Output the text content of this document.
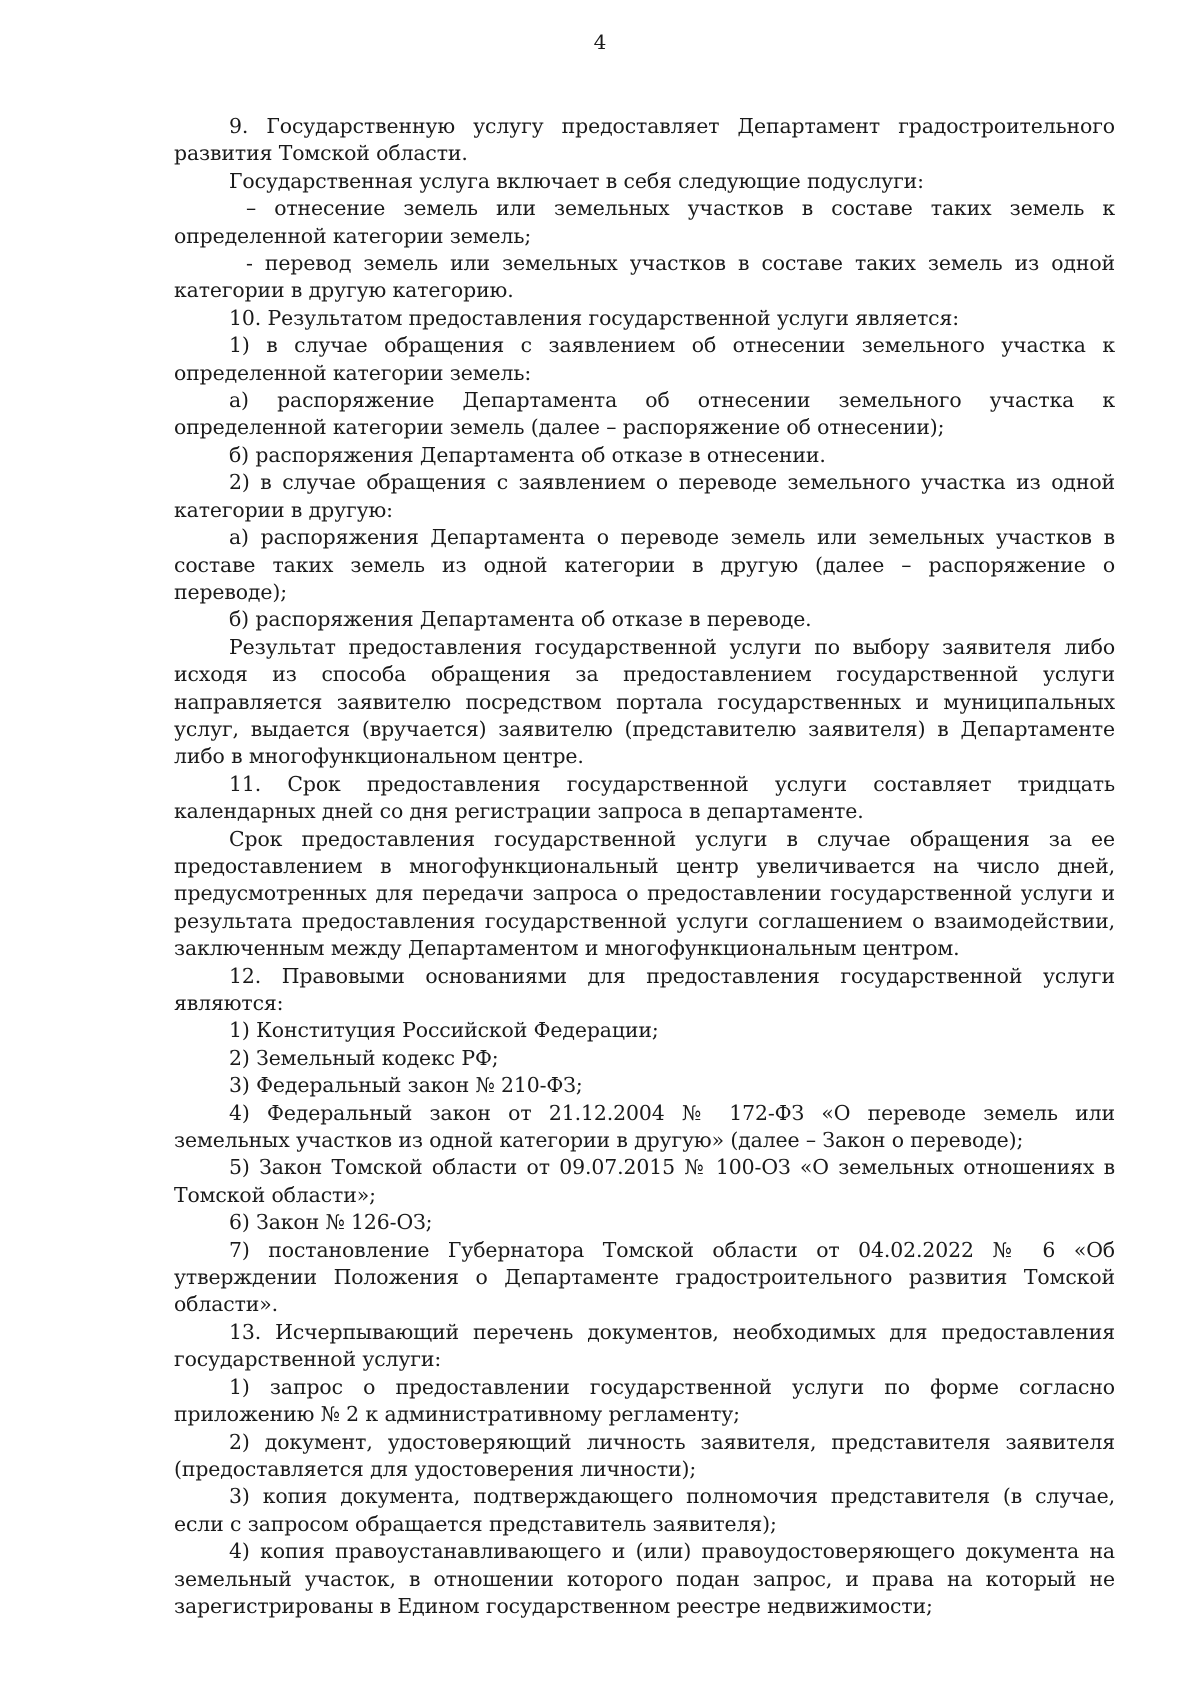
4

9. Государственную услугу предоставляет Департамент градостроительного развития Томской области.

Государственная услуга включает в себя следующие подуслуги:

– отнесение земель или земельных участков в составе таких земель к определенной категории земель;

- перевод земель или земельных участков в составе таких земель из одной категории в другую категорию.

10. Результатом предоставления государственной услуги является:

1) в случае обращения с заявлением об отнесении земельного участка к определенной категории земель:

а) распоряжение Департамента об отнесении земельного участка к определенной категории земель (далее – распоряжение об отнесении);

б) распоряжения Департамента об отказе в отнесении.

2) в случае обращения с заявлением о переводе земельного участка из одной категории в другую:

а) распоряжения Департамента о переводе земель или земельных участков в составе таких земель из одной категории в другую (далее – распоряжение о переводе);

б) распоряжения Департамента об отказе в переводе.

Результат предоставления государственной услуги по выбору заявителя либо исходя из способа обращения за предоставлением государственной услуги направляется заявителю посредством портала государственных и муниципальных услуг, выдается (вручается) заявителю (представителю заявителя) в Департаменте либо в многофункциональном центре.

11. Срок предоставления государственной услуги составляет тридцать календарных дней со дня регистрации запроса в департаменте.

Срок предоставления государственной услуги в случае обращения за ее предоставлением в многофункциональный центр увеличивается на число дней, предусмотренных для передачи запроса о предоставлении государственной услуги и результата предоставления государственной услуги соглашением о взаимодействии, заключенным между Департаментом и многофункциональным центром.

12. Правовыми основаниями для предоставления государственной услуги являются:

1) Конституция Российской Федерации;

2) Земельный кодекс РФ;

3) Федеральный закон № 210-ФЗ;

4) Федеральный закон от 21.12.2004 № 172-ФЗ «О переводе земель или земельных участков из одной категории в другую» (далее – Закон о переводе);

5) Закон Томской области от 09.07.2015 № 100-ОЗ «О земельных отношениях в Томской области»;

6) Закон № 126-ОЗ;

7) постановление Губернатора Томской области от 04.02.2022 № 6 «Об утверждении Положения о Департаменте градостроительного развития Томской области».

13. Исчерпывающий перечень документов, необходимых для предоставления государственной услуги:

1) запрос о предоставлении государственной услуги по форме согласно приложению № 2 к административному регламенту;

2) документ, удостоверяющий личность заявителя, представителя заявителя (предоставляется для удостоверения личности);

3) копия документа, подтверждающего полномочия представителя (в случае, если с запросом обращается представитель заявителя);

4) копия правоустанавливающего и (или) правоудостоверяющего документа на земельный участок, в отношении которого подан запрос, и права на который не зарегистрированы в Едином государственном реестре недвижимости;
